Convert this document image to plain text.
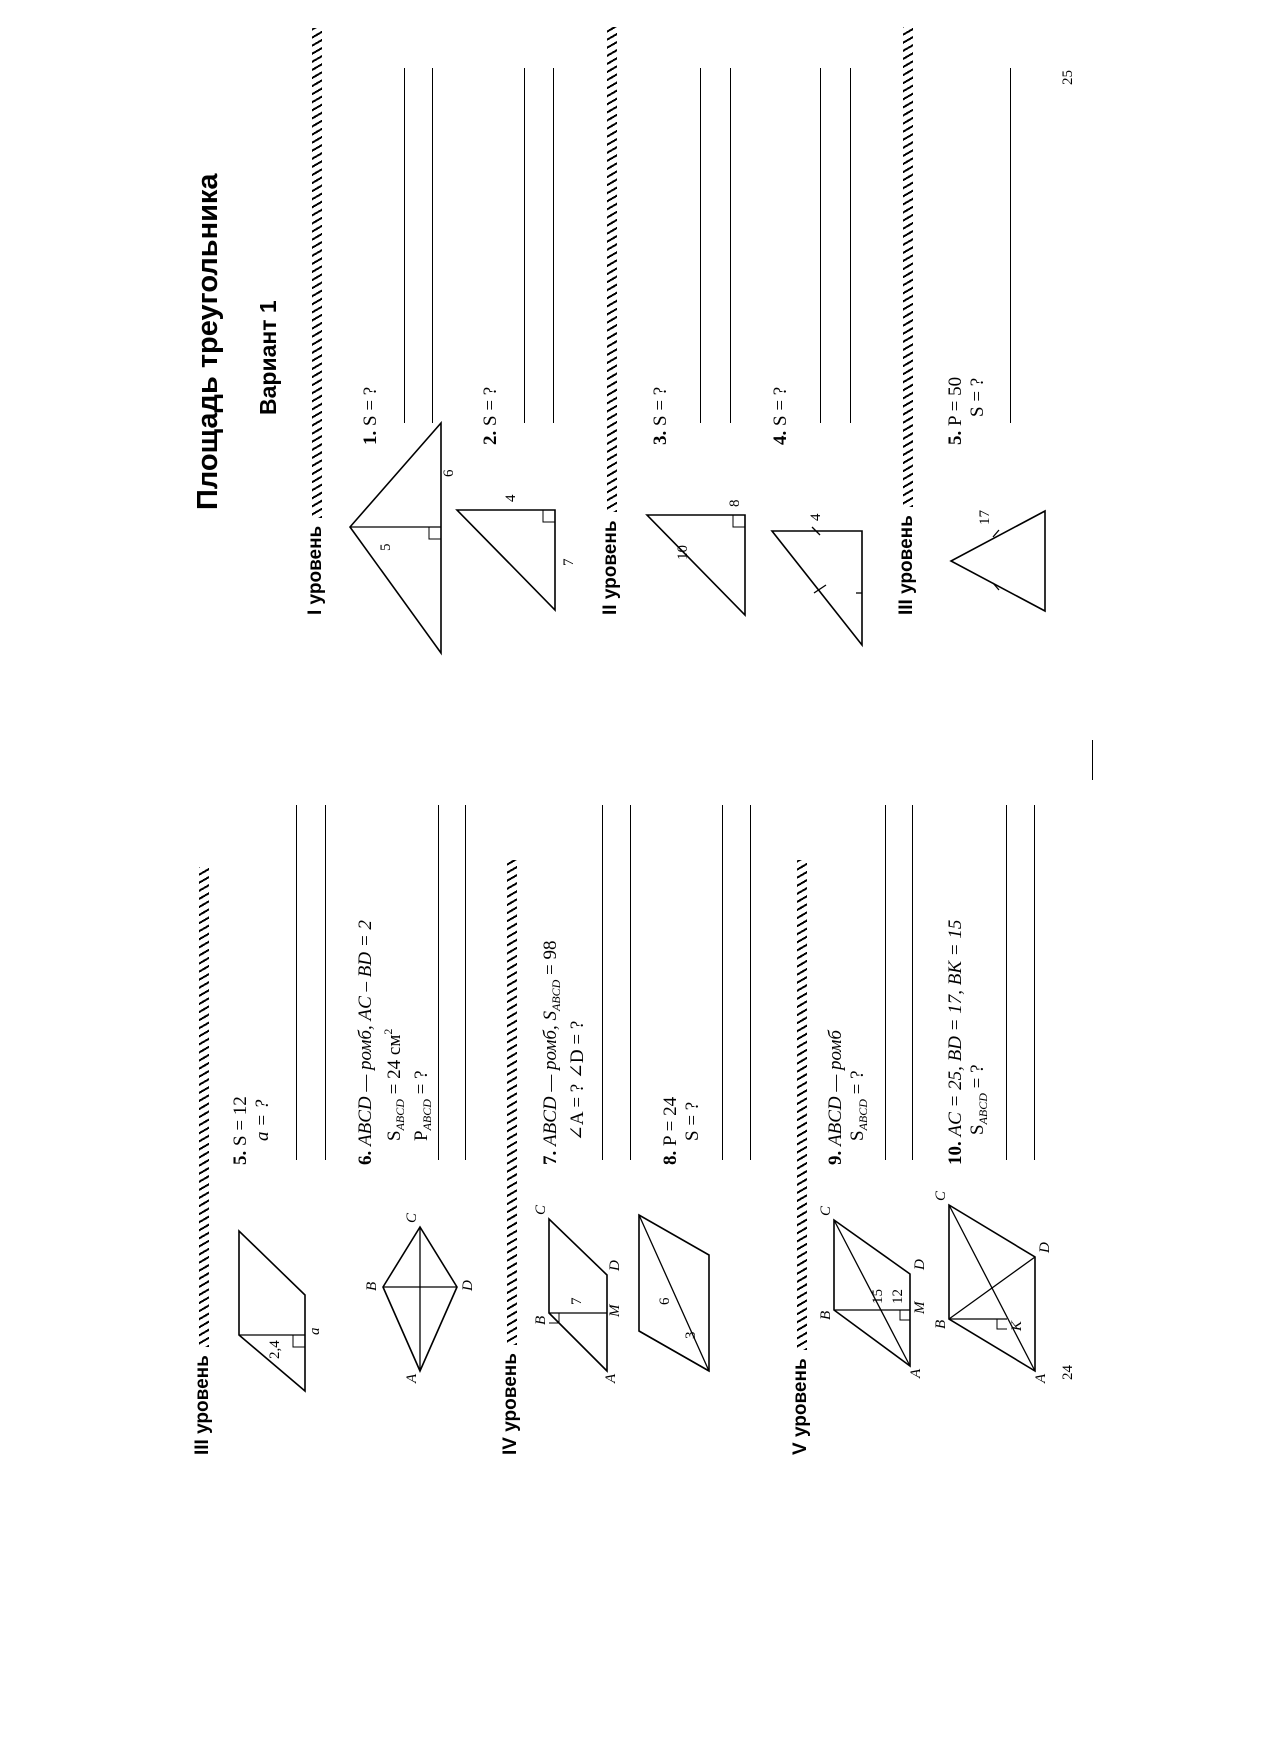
Площадь треугольника Вариант 1
I уровень	5
6
7
4
1. S = ?
2. S = ?
II уровень	10
8
4
3. S = ?
4. S = ?
III уровень	17
5. P = 50 S = ?
25
III уровень
2,4
a
5. S = 12 a = ?
A
B
C
D
6. ABCD — ромб, AC – BD = 2 $S_{ABCD} = 24$ $см^2$
$P_{ABCD}$ = ?
IV уровень	A
B
C
D
M
7	6
3
7. ABCD — ромб, $S_{ABCD} = 98$
∠A = ? ∠D = ?
8. P = 24 S = ?
V уровень	A
B
C
D
M
15 12
A
B
C
D
K
9. ABCD — ромб $S_{ABCD}$ = ?
10. AC = 25, BD = 17, BK = 15 $S_{ABCD}$ = ?
24
